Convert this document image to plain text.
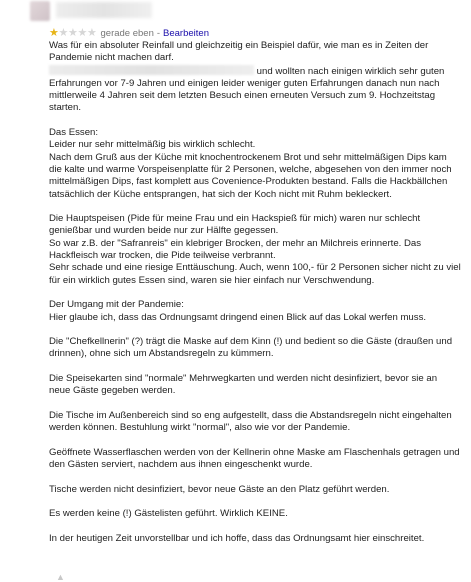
★ ★ ★ ★ ★ gerade eben - Bearbeiten

Was für ein absoluter Reinfall und gleichzeitig ein Beispiel dafür, wie man es in Zeiten der Pandemie nicht machen darf.
und wollten nach einigen wirklich sehr guten Erfahrungen vor 7-9 Jahren und einigen leider weniger guten Erfahrungen danach nun nach mittlerweile 4 Jahren seit dem letzten Besuch einen erneuten Versuch zum 9. Hochzeitstag starten.

Das Essen:
Leider nur sehr mittelmäßig bis wirklich schlecht.
Nach dem Gruß aus der Küche mit knochentrockenem Brot und sehr mittelmäßigen Dips kam die kalte und warme Vorspeisenplatte für 2 Personen, welche, abgesehen von den immer noch mittelmäßigen Dips, fast komplett aus Covenience-Produkten bestand. Falls die Hackbällchen tatsächlich der Küche entsprangen, hat sich der Koch nicht mit Ruhm bekleckert.

Die Hauptspeisen (Pide für meine Frau und ein Hackspieß für mich) waren nur schlecht genießbar und wurden beide nur zur Hälfte gegessen.
So war z.B. der "Safranreis" ein klebriger Brocken, der mehr an Milchreis erinnerte. Das Hackfleisch war trocken, die Pide teilweise verbrannt.
Sehr schade und eine riesige Enttäuschung. Auch, wenn 100,- für 2 Personen sicher nicht zu viel für ein wirklich gutes Essen sind, waren sie hier einfach nur Verschwendung.

Der Umgang mit der Pandemie:
Hier glaube ich, dass das Ordnungsamt dringend einen Blick auf das Lokal werfen muss.

Die "Chefkellnerin" (?) trägt die Maske auf dem Kinn (!) und bedient so die Gäste (draußen und drinnen), ohne sich um Abstandsregeln zu kümmern.

Die Speisekarten sind "normale" Mehrwegkarten und werden nicht desinfiziert, bevor sie an neue Gäste gegeben werden.

Die Tische im Außenbereich sind so eng aufgestellt, dass die Abstandsregeln nicht eingehalten werden können. Bestuhlung wirkt "normal", also wie vor der Pandemie.

Geöffnete Wasserflaschen werden von der Kellnerin ohne Maske am Flaschenhals getragen und den Gästen serviert, nachdem aus ihnen eingeschenkt wurde.

Tische werden nicht desinfiziert, bevor neue Gäste an den Platz geführt werden.

Es werden keine (!) Gästelisten geführt. Wirklich KEINE.

In der heutigen Zeit unvorstellbar und ich hoffe, dass das Ordnungsamt hier einschreitet.

▲
